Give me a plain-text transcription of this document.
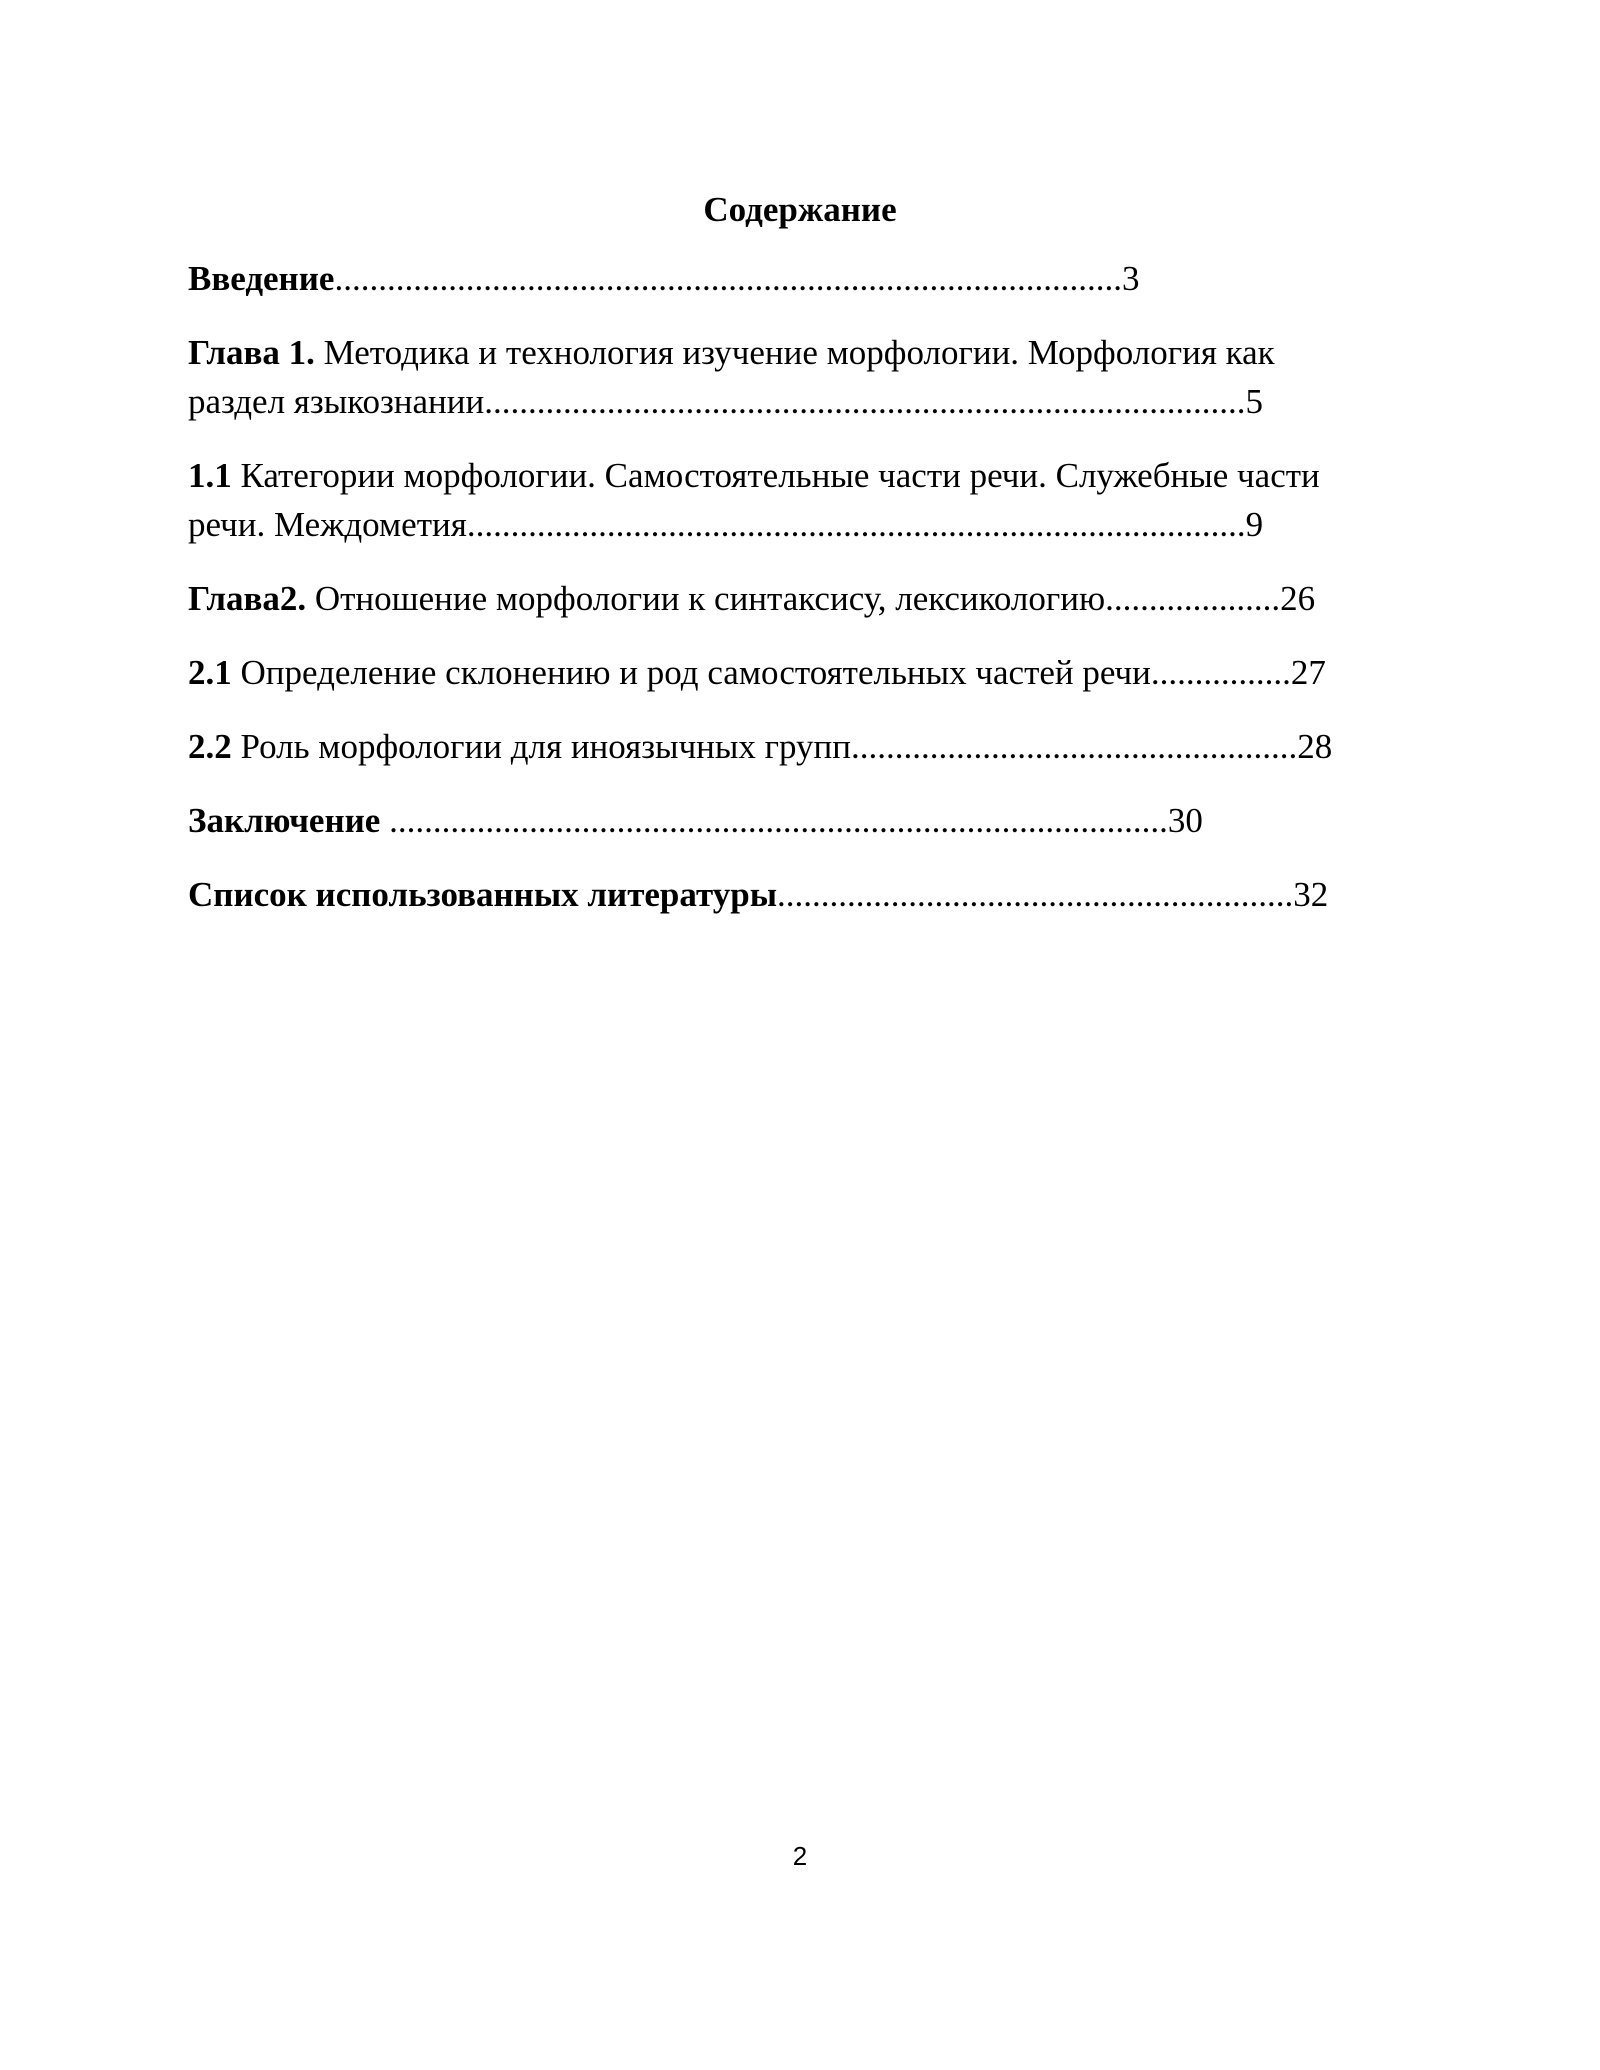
Содержание
Введение..........................................................................................3
Глава 1. Методика и технология изучение морфологии. Морфология как
раздел языкознании.......................................................................................5
1.1 Категории морфологии. Самостоятельные части речи. Служебные части
речи. Междометия.........................................................................................9
Глава2. Отношение морфологии к синтаксису, лексикологию....................26
2.1 Определение склонению и род самостоятельных частей речи................27
2.2 Роль морфологии для иноязычных групп...................................................28
Заключение .........................................................................................30
Список использованных литературы...........................................................32
2
